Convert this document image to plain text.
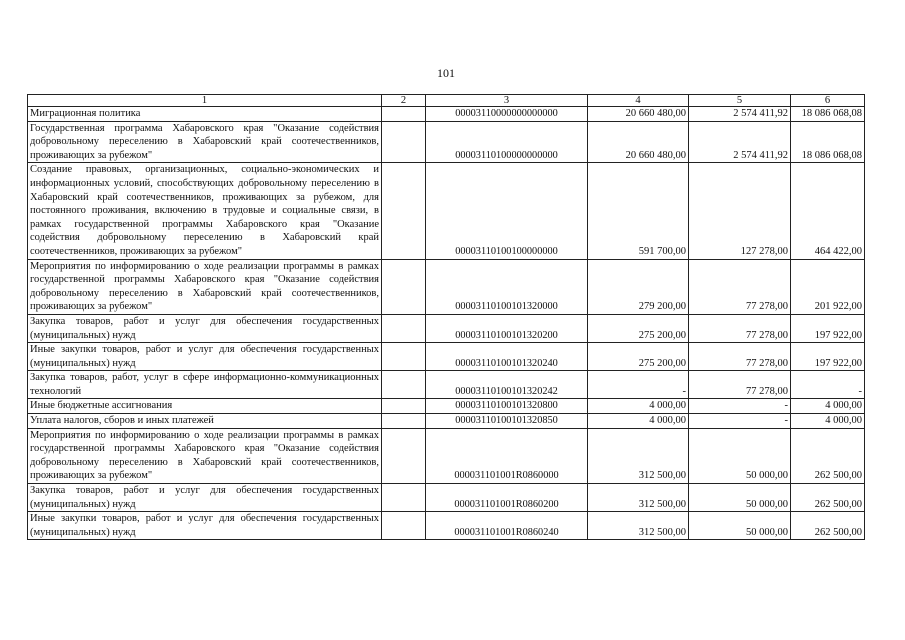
101
1	2	3	4	5	6
Миграционная политика		00003110000000000000	20 660 480,00	2 574 411,92	18 086 068,08
Государственная программа Хабаровского края "Оказание содействия добровольному переселению в Хабаровский край соотечественников, проживающих за рубежом"		00003110100000000000	20 660 480,00	2 574 411,92	18 086 068,08
Создание правовых, организационных, социально-экономических и информационных условий, способствующих добровольному переселению в Хабаровский край соотечественников, проживающих за рубежом, для постоянного проживания, включению в трудовые и социальные связи, в рамках государственной программы Хабаровского края "Оказание содействия добровольному переселению в Хабаровский край соотечественников, проживающих за рубежом"		00003110100100000000	591 700,00	127 278,00	464 422,00
Мероприятия по информированию о ходе реализации программы в рамках государственной программы Хабаровского края "Оказание содействия добровольному переселению в Хабаровский край соотечественников, проживающих за рубежом"		00003110100101320000	279 200,00	77 278,00	201 922,00
Закупка товаров, работ и услуг для обеспечения государственных (муниципальных) нужд		00003110100101320200	275 200,00	77 278,00	197 922,00
Иные закупки товаров, работ и услуг для обеспечения государственных (муниципальных) нужд		00003110100101320240	275 200,00	77 278,00	197 922,00
Закупка товаров, работ, услуг в сфере информационно-коммуникационных технологий		00003110100101320242	-	77 278,00	-
Иные бюджетные ассигнования		00003110100101320800	4 000,00	-	4 000,00
Уплата налогов, сборов и иных платежей		00003110100101320850	4 000,00	-	4 000,00
Мероприятия по информированию о ходе реализации программы в рамках государственной программы Хабаровского края "Оказание содействия добровольному переселению в Хабаровский край соотечественников, проживающих за рубежом"		000031101001R0860000	312 500,00	50 000,00	262 500,00
Закупка товаров, работ и услуг для обеспечения государственных (муниципальных) нужд		000031101001R0860200	312 500,00	50 000,00	262 500,00
Иные закупки товаров, работ и услуг для обеспечения государственных (муниципальных) нужд		000031101001R0860240	312 500,00	50 000,00	262 500,00
